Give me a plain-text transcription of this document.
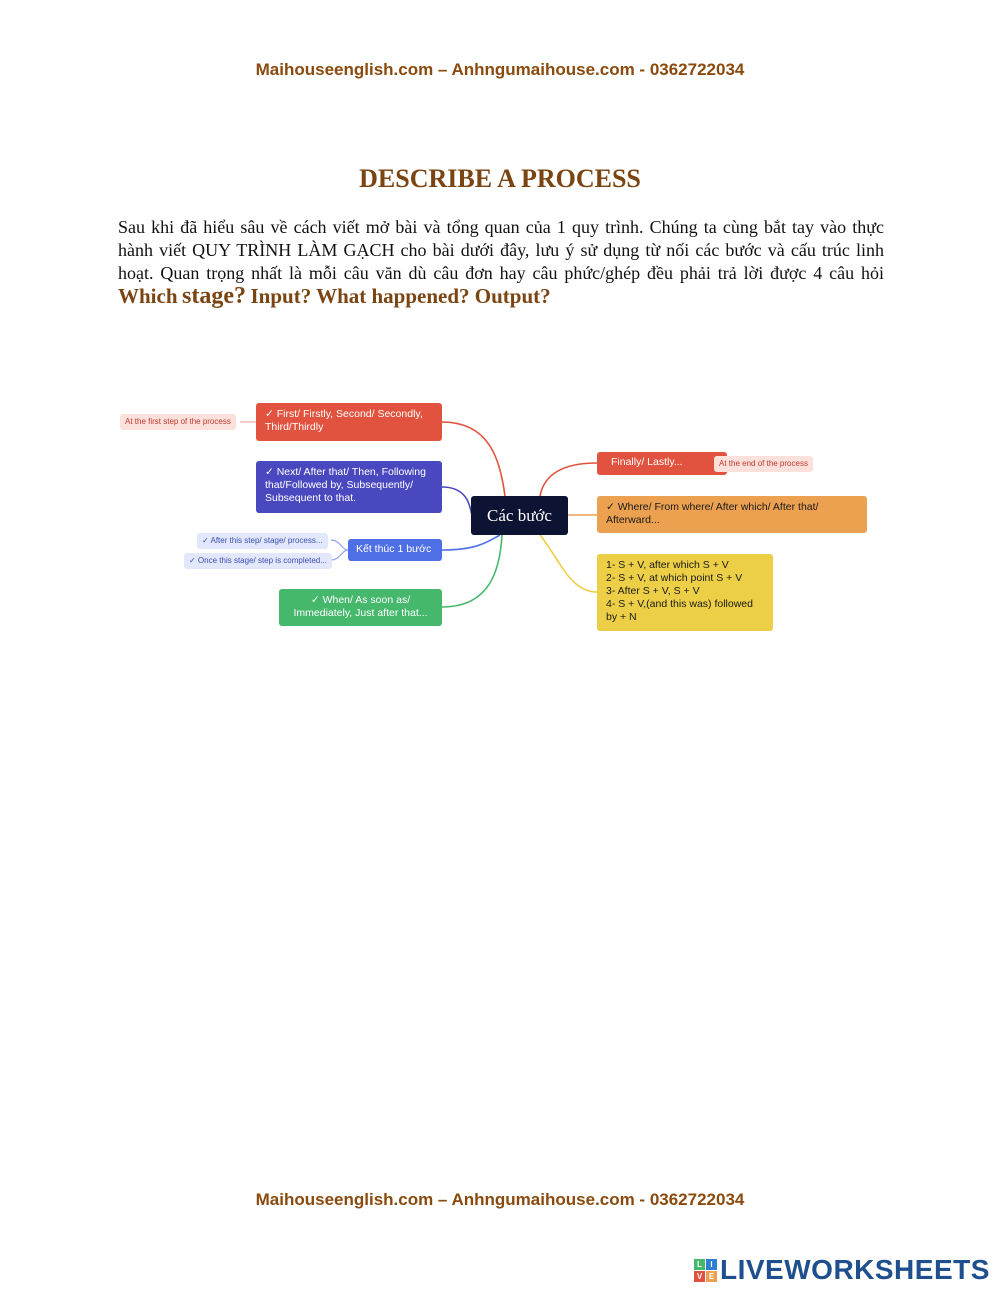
Maihouseenglish.com – Anhngumaihouse.com - 0362722034
DESCRIBE A PROCESS
Sau khi đã hiểu sâu về cách viết mở bài và tổng quan của 1 quy trình. Chúng ta cùng bắt tay vào thực hành viết QUY TRÌNH LÀM GẠCH cho bài dưới đây, lưu ý sử dụng từ nối các bước và cấu trúc linh hoạt. Quan trọng nhất là mỗi câu văn dù câu đơn hay câu phức/ghép đều phải trả lời được 4 câu hỏi Which stage? Input? What happened? Output?
Các bước
✓ First/ Firstly, Second/ Secondly, Third/Thirdly
At the first step of the process
✓ Next/ After that/ Then, Following that/Followed by, Subsequently/ Subsequent to that.
Kết thúc 1 bước
✓ After this step/ stage/ process...
✓ Once this stage/ step is completed...
✓ When/ As soon as/ Immediately, Just after that...
Finally/ Lastly...	At the end of the process
✓ Where/ From where/ After which/ After that/ Afterward...
1- S + V, after which S + V
2- S + V, at which point S + V
3- After S + V, S + V
4- S + V,(and this was) followed by + N
Maihouseenglish.com – Anhngumaihouse.com - 0362722034
L	I
V E LIVEWORKSHEETS
